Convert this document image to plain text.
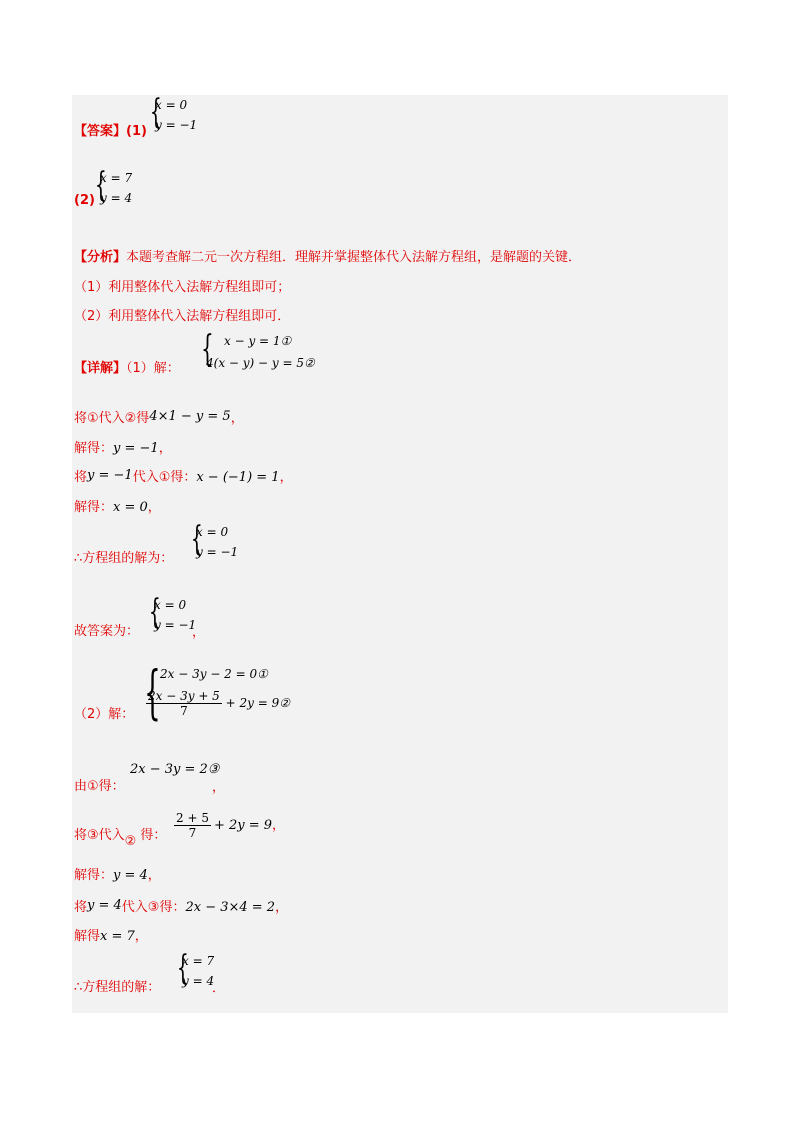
【答案】(1) {
x = 0
y = −1
(2) {
x = 7
y = 4
【分析】本题考查解二元一次方程组．理解并掌握整体代入法解方程组，是解题的关键．
（1）利用整体代入法解方程组即可；
（2）利用整体代入法解方程组即可．
【详解】（1）解： { x − y = 1①
4(x − y) − y = 5②
将①代入②得4×1 − y = 5，
解得：y = −1，
将y = −1代入①得：x − (−1) = 1，
解得：x = 0，
∴方程组的解为： {
x = 0
y = −1
故答案为： {
x = 0
y = −1
，
（2）解： { 2x − 3y − 2 = 0①
$\frac{2x - 3y + 5}{7} + 2y$ = 9②
由①得：
2x − 3y = 2③
，
将③代入② 得： $\frac{2 + 5}{7} + 2y = 9$，
解得：y = 4，
将y = 4代入③得：2x − 3×4 = 2，
解得x = 7，
∴方程组的解： {
x = 7
y = 4
．
